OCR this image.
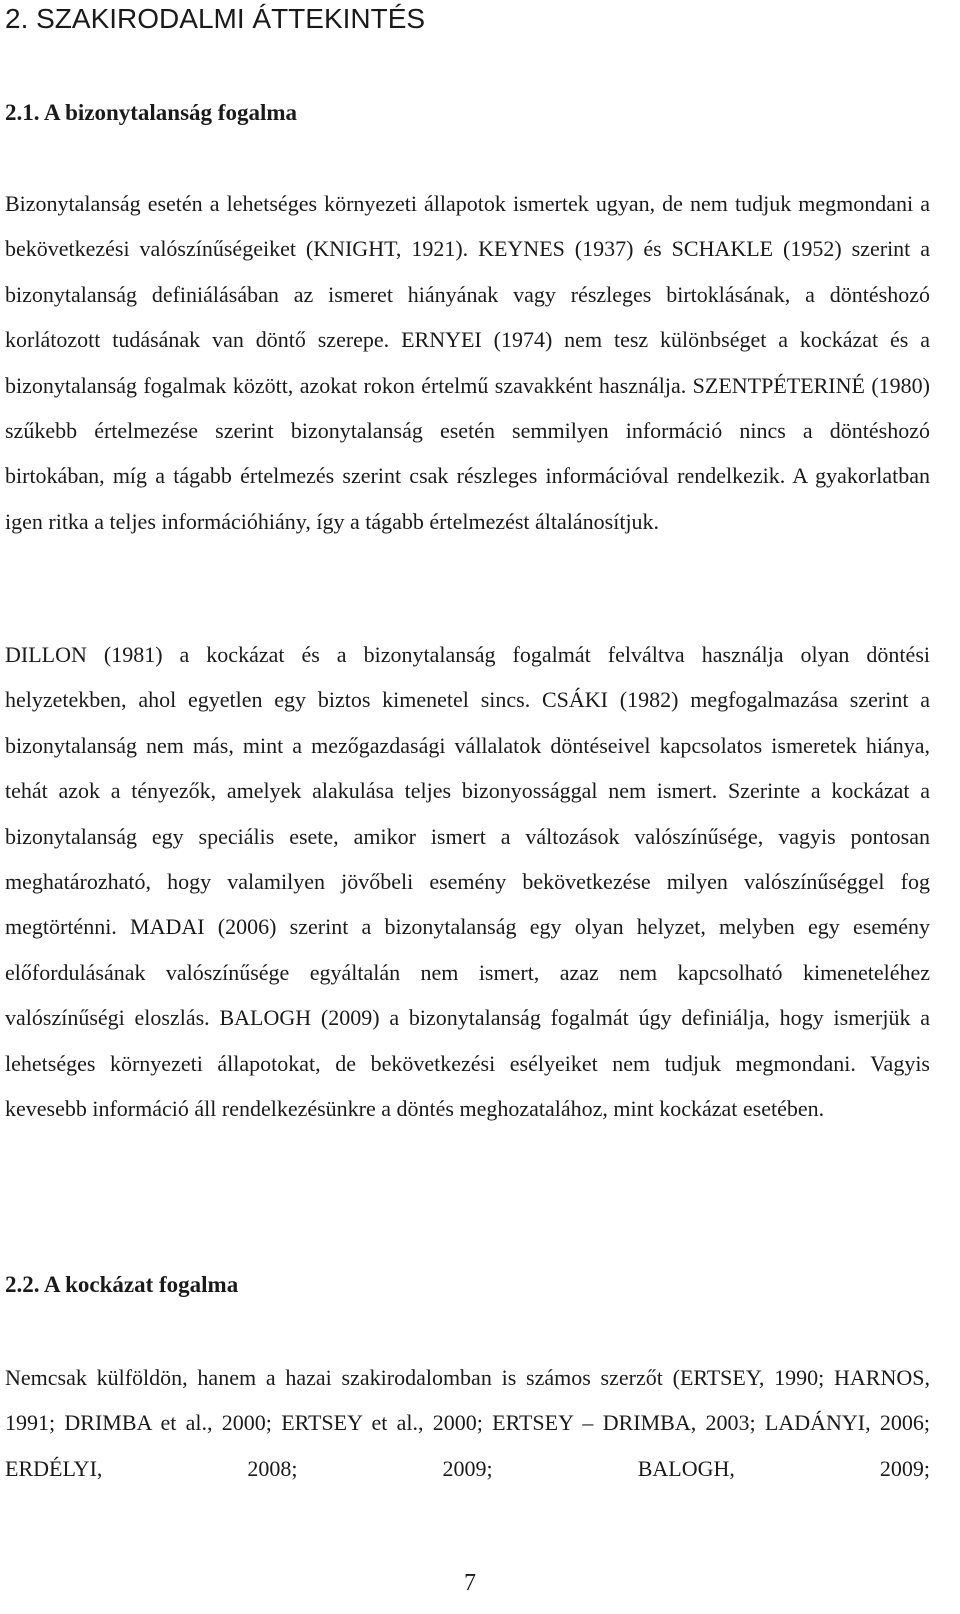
2. SZAKIRODALMI ÁTTEKINTÉS
2.1. A bizonytalanság fogalma

Bizonytalanság esetén a lehetséges környezeti állapotok ismertek ugyan, de nem tudjuk megmondani a bekövetkezési valószínűségeiket (KNIGHT, 1921). KEYNES (1937) és SCHAKLE (1952) szerint a bizonytalanság definiálásában az ismeret hiányának vagy részleges birtoklásának, a döntéshozó korlátozott tudásának van döntő szerepe. ERNYEI (1974) nem tesz különbséget a kockázat és a bizonytalanság fogalmak között, azokat rokon értelmű szavakként használja. SZENTPÉTERINÉ (1980) szűkebb értelmezése szerint bizonytalanság esetén semmilyen információ nincs a döntéshozó birtokában, míg a tágabb értelmezés szerint csak részleges információval rendelkezik. A gyakorlatban igen ritka a teljes információhiány, így a tágabb értelmezést általánosítjuk.

DILLON (1981) a kockázat és a bizonytalanság fogalmát felváltva használja olyan döntési helyzetekben, ahol egyetlen egy biztos kimenetel sincs. CSÁKI (1982) megfogalmazása szerint a bizonytalanság nem más, mint a mezőgazdasági vállalatok döntéseivel kapcsolatos ismeretek hiánya, tehát azok a tényezők, amelyek alakulása teljes bizonyossággal nem ismert. Szerinte a kockázat a bizonytalanság egy speciális esete, amikor ismert a változások valószínűsége, vagyis pontosan meghatározható, hogy valamilyen jövőbeli esemény bekövetkezése milyen valószínűséggel fog megtörténni. MADAI (2006) szerint a bizonytalanság egy olyan helyzet, melyben egy esemény előfordulásának valószínűsége egyáltalán nem ismert, azaz nem kapcsolható kimeneteléhez valószínűségi eloszlás. BALOGH (2009) a bizonytalanság fogalmát úgy definiálja, hogy ismerjük a lehetséges környezeti állapotokat, de bekövetkezési esélyeiket nem tudjuk megmondani. Vagyis kevesebb információ áll rendelkezésünkre a döntés meghozatalához, mint kockázat esetében.

2.2. A kockázat fogalma

Nemcsak külföldön, hanem a hazai szakirodalomban is számos szerzőt (ERTSEY, 1990; HARNOS, 1991; DRIMBA et al., 2000; ERTSEY et al., 2000; ERTSEY – DRIMBA, 2003; LADÁNYI, 2006; ERDÉLYI, 2008; 2009; BALOGH, 2009;

7
